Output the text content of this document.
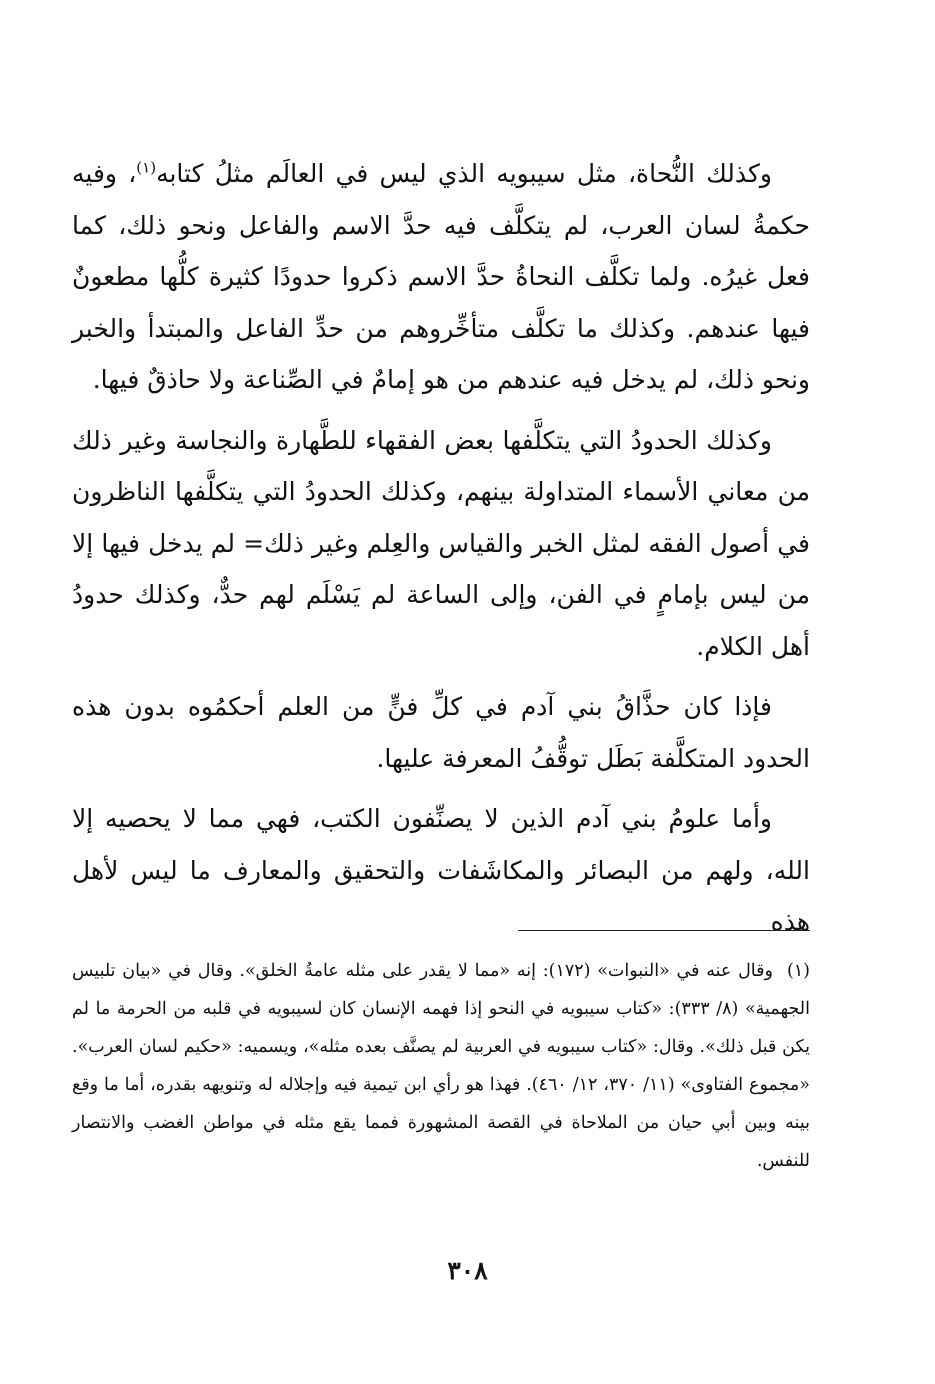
وكذلك النُّحاة، مثل سيبويه الذي ليس في العالَم مثلُ كتابه$^{(١)}$، وفيه حكمةُ لسان العرب، لم يتكلَّف فيه حدَّ الاسم والفاعل ونحو ذلك، كما فعل غيرُه. ولما تكلَّف النحاةُ حدَّ الاسم ذكروا حدودًا كثيرة كلُّها مطعونٌ فيها عندهم. وكذلك ما تكلَّف متأخِّروهم من حدِّ الفاعل والمبتدأ والخبر ونحو ذلك، لم يدخل فيه عندهم من هو إمامٌ في الصِّناعة ولا حاذقٌ فيها.

وكذلك الحدودُ التي يتكلَّفها بعض الفقهاء للطَّهارة والنجاسة وغير ذلك من معاني الأسماء المتداولة بينهم، وكذلك الحدودُ التي يتكلَّفها الناظرون في أصول الفقه لمثل الخبر والقياس والعِلم وغير ذلك= لم يدخل فيها إلا من ليس بإمامٍ في الفن، وإلى الساعة لم يَسْلَم لهم حدٌّ، وكذلك حدودُ أهل الكلام.

فإذا كان حذَّاقُ بني آدم في كلِّ فنٍّ من العلم أحكمُوه بدون هذه الحدود المتكلَّفة بَطَل توقُّفُ المعرفة عليها.

وأما علومُ بني آدم الذين لا يصنِّفون الكتب، فهي مما لا يحصيه إلا الله، ولهم من البصائر والمكاشَفات والتحقيق والمعارف ما ليس لأهل هذه

(١)وقال عنه في «النبوات» (١٧٢): إنه «مما لا يقدر على مثله عامةُ الخلق». وقال في «بيان تلبيس الجهمية» (٨/ ٣٣٣): «كتاب سيبويه في النحو إذا فهمه الإنسان كان لسيبويه في قلبه من الحرمة ما لم يكن قبل ذلك». وقال: «كتاب سيبويه في العربية لم يصنَّف بعده مثله»، ويسميه: «حكيم لسان العرب». «مجموع الفتاوى» (١١/ ٣٧٠، ١٢/ ٤٦٠). فهذا هو رأي ابن تيمية فيه وإجلاله له وتنويهه بقدره، أما ما وقع بينه وبين أبي حيان من الملاحاة في القصة المشهورة فمما يقع مثله في مواطن الغضب والانتصار للنفس.
٣٠٨
